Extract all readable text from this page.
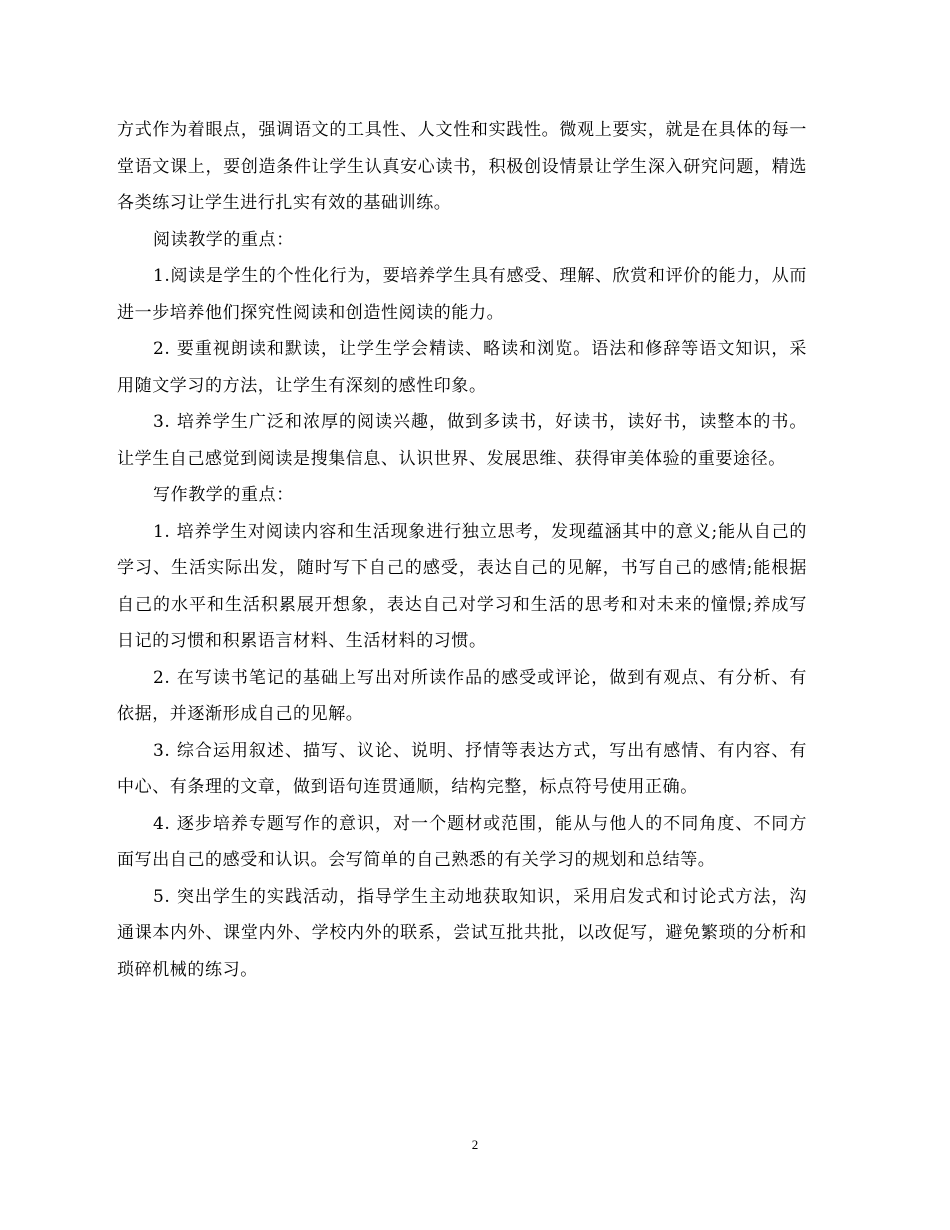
方式作为着眼点，强调语文的工具性、人文性和实践性。微观上要实，就是在具体的每一堂语文课上，要创造条件让学生认真安心读书，积极创设情景让学生深入研究问题，精选各类练习让学生进行扎实有效的基础训练。

阅读教学的重点：

1.阅读是学生的个性化行为，要培养学生具有感受、理解、欣赏和评价的能力，从而进一步培养他们探究性阅读和创造性阅读的能力。

2. 要重视朗读和默读，让学生学会精读、略读和浏览。语法和修辞等语文知识，采用随文学习的方法，让学生有深刻的感性印象。

3. 培养学生广泛和浓厚的阅读兴趣，做到多读书，好读书，读好书，读整本的书。让学生自己感觉到阅读是搜集信息、认识世界、发展思维、获得审美体验的重要途径。

写作教学的重点：

1. 培养学生对阅读内容和生活现象进行独立思考，发现蕴涵其中的意义;能从自己的学习、生活实际出发，随时写下自己的感受，表达自己的见解，书写自己的感情;能根据自己的水平和生活积累展开想象，表达自己对学习和生活的思考和对未来的憧憬;养成写日记的习惯和积累语言材料、生活材料的习惯。

2. 在写读书笔记的基础上写出对所读作品的感受或评论，做到有观点、有分析、有依据，并逐渐形成自己的见解。

3. 综合运用叙述、描写、议论、说明、抒情等表达方式，写出有感情、有内容、有中心、有条理的文章，做到语句连贯通顺，结构完整，标点符号使用正确。

4. 逐步培养专题写作的意识，对一个题材或范围，能从与他人的不同角度、不同方面写出自己的感受和认识。会写简单的自己熟悉的有关学习的规划和总结等。

5. 突出学生的实践活动，指导学生主动地获取知识，采用启发式和讨论式方法，沟通课本内外、课堂内外、学校内外的联系，尝试互批共批，以改促写，避免繁琐的分析和琐碎机械的练习。

2
